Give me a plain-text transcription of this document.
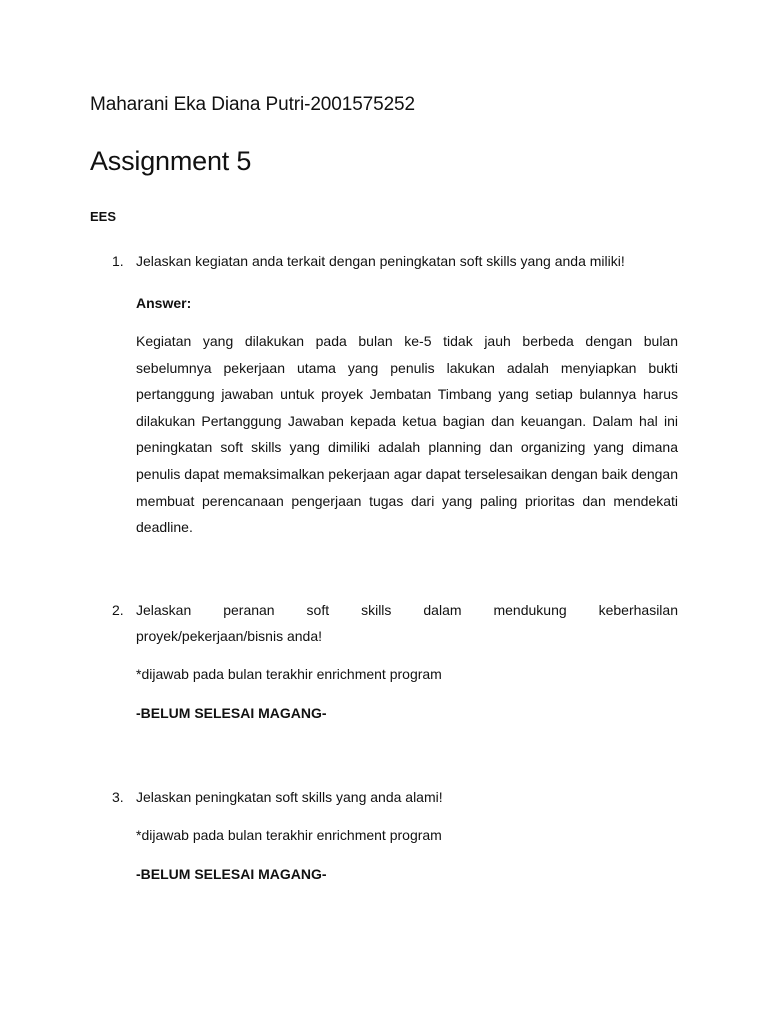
Maharani Eka Diana Putri-2001575252

Assignment 5

EES

1. Jelaskan kegiatan anda terkait dengan peningkatan soft skills yang anda miliki!

Answer:

Kegiatan yang dilakukan pada bulan ke-5 tidak jauh berbeda dengan bulan sebelumnya pekerjaan utama yang penulis lakukan adalah menyiapkan bukti pertanggung jawaban untuk proyek Jembatan Timbang yang setiap bulannya harus dilakukan Pertanggung Jawaban kepada ketua bagian dan keuangan. Dalam hal ini peningkatan soft skills yang dimiliki adalah planning dan organizing yang dimana penulis dapat memaksimalkan pekerjaan agar dapat terselesaikan dengan baik dengan membuat perencanaan pengerjaan tugas dari yang paling prioritas dan mendekati deadline.

2. Jelaskan peranan soft skills dalam mendukung keberhasilan

proyek/pekerjaan/bisnis anda!

*dijawab pada bulan terakhir enrichment program

-BELUM SELESAI MAGANG-

3. Jelaskan peningkatan soft skills yang anda alami!

*dijawab pada bulan terakhir enrichment program

-BELUM SELESAI MAGANG-
